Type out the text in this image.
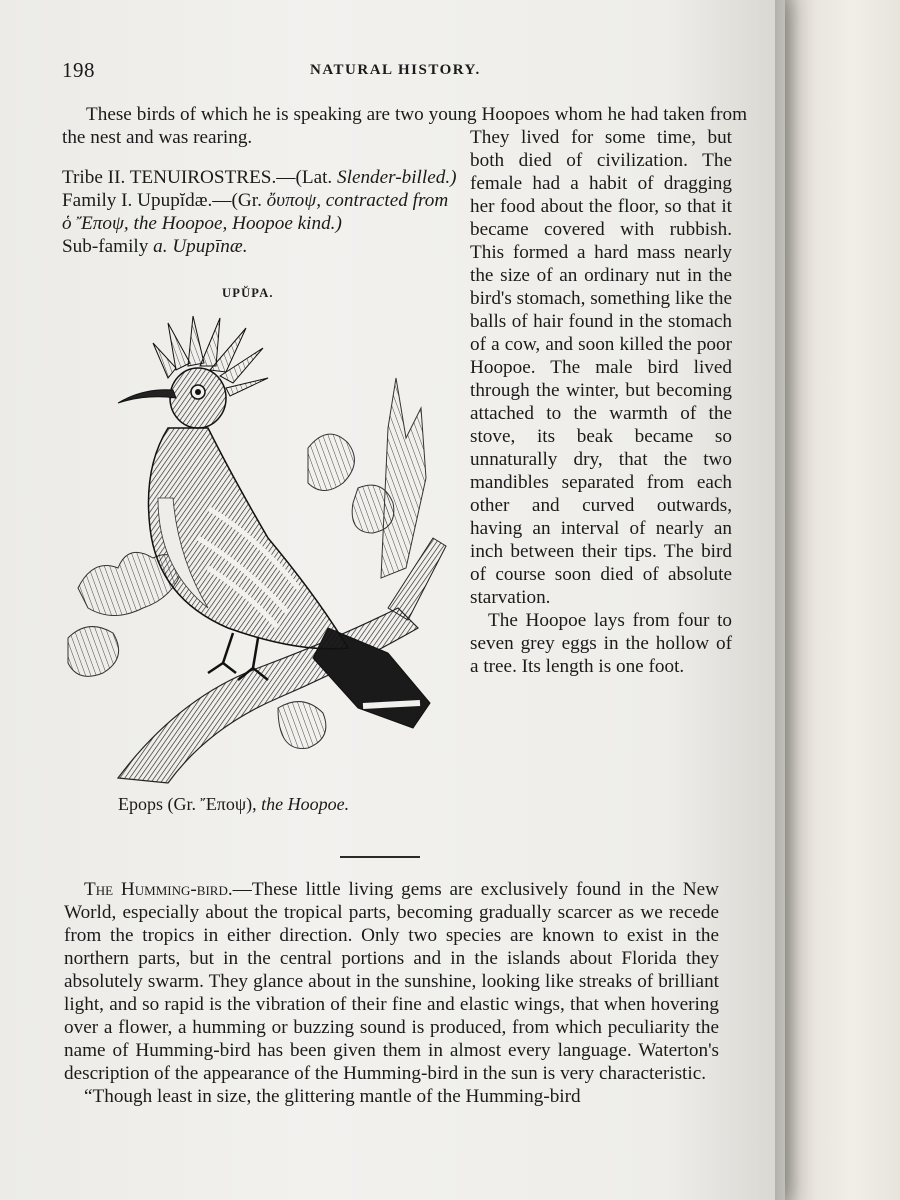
198	NATURAL HISTORY.
These birds of which he is speaking are two young Hoopoes whom he had taken from the nest and was rearing.
Tribe II. TENUIROSTRES.—(Lat. Slender-billed.)
Family I. Upupĭdæ.—(Gr. ὄυποψ, contracted from ὁ Ἔποψ, the Hoopoe, Hoopoe kind.)
Sub-family a. Upupīnæ.
UPŬPA.
Epops (Gr. Ἔποψ), the Hoopoe.

They lived for some time, but both died of civilization. The female had a habit of dragging her food about the floor, so that it became covered with rubbish. This formed a hard mass nearly the size of an ordinary nut in the bird's stomach, something like the balls of hair found in the stomach of a cow, and soon killed the poor Hoopoe. The male bird lived through the winter, but becoming attached to the warmth of the stove, its beak became so unnaturally dry, that the two mandibles separated from each other and curved outwards, having an interval of nearly an inch between their tips. The bird of course soon died of absolute starvation.

The Hoopoe lays from four to seven grey eggs in the hollow of a tree. Its length is one foot.

The Humming-bird.—These little living gems are exclusively found in the New World, especially about the tropical parts, becoming gradually scarcer as we recede from the tropics in either direction. Only two species are known to exist in the northern parts, but in the central portions and in the islands about Florida they absolutely swarm. They glance about in the sunshine, looking like streaks of brilliant light, and so rapid is the vibration of their fine and elastic wings, that when hovering over a flower, a humming or buzzing sound is produced, from which peculiarity the name of Humming-bird has been given them in almost every language. Waterton's description of the appearance of the Humming-bird in the sun is very characteristic.

“Though least in size, the glittering mantle of the Humming-bird
